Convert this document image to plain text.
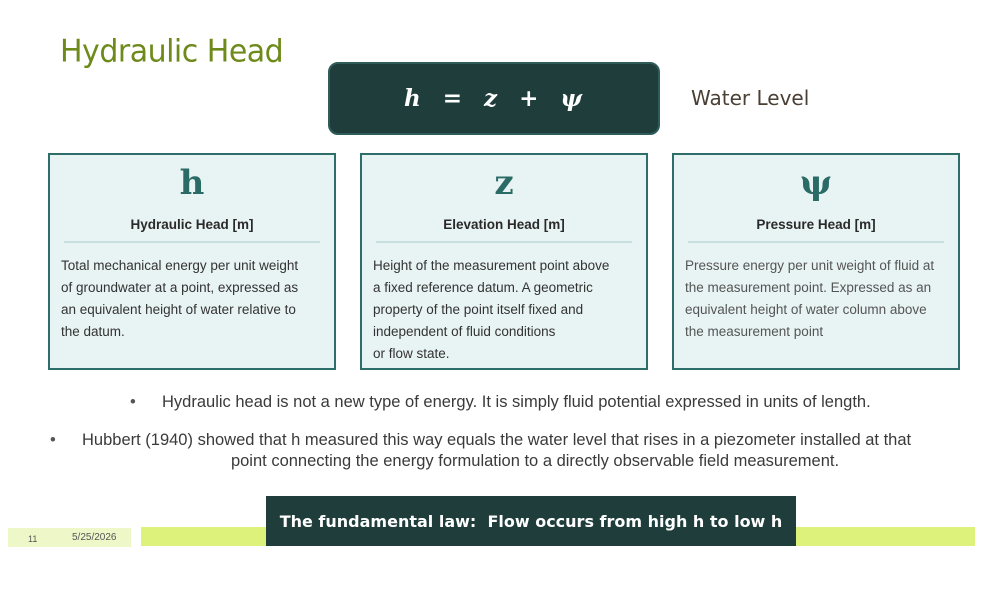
Hydraulic Head
h  =  z  +  ψ	Water Level
h
Hydraulic Head [m]
Total mechanical energy per unit weight
of groundwater at a point, expressed as
an equivalent height of water relative to
the datum.
z
Elevation Head [m]
Height of the measurement point above
a fixed reference datum. A geometric
property of the point itself fixed and
independent of fluid conditions
or flow state.
ψ
Pressure Head [m]
Pressure energy per unit weight of fluid at
the measurement point. Expressed as an
equivalent height of water column above
the measurement point
• Hydraulic head is not a new type of energy. It is simply fluid potential expressed in units of length.
• Hubbert (1940) showed that h measured this way equals the water level that rises in a piezometer installed at that
point connecting the energy formulation to a directly observable field measurement.
11	5/25/2026
The fundamental law:  Flow occurs from high h to low h
